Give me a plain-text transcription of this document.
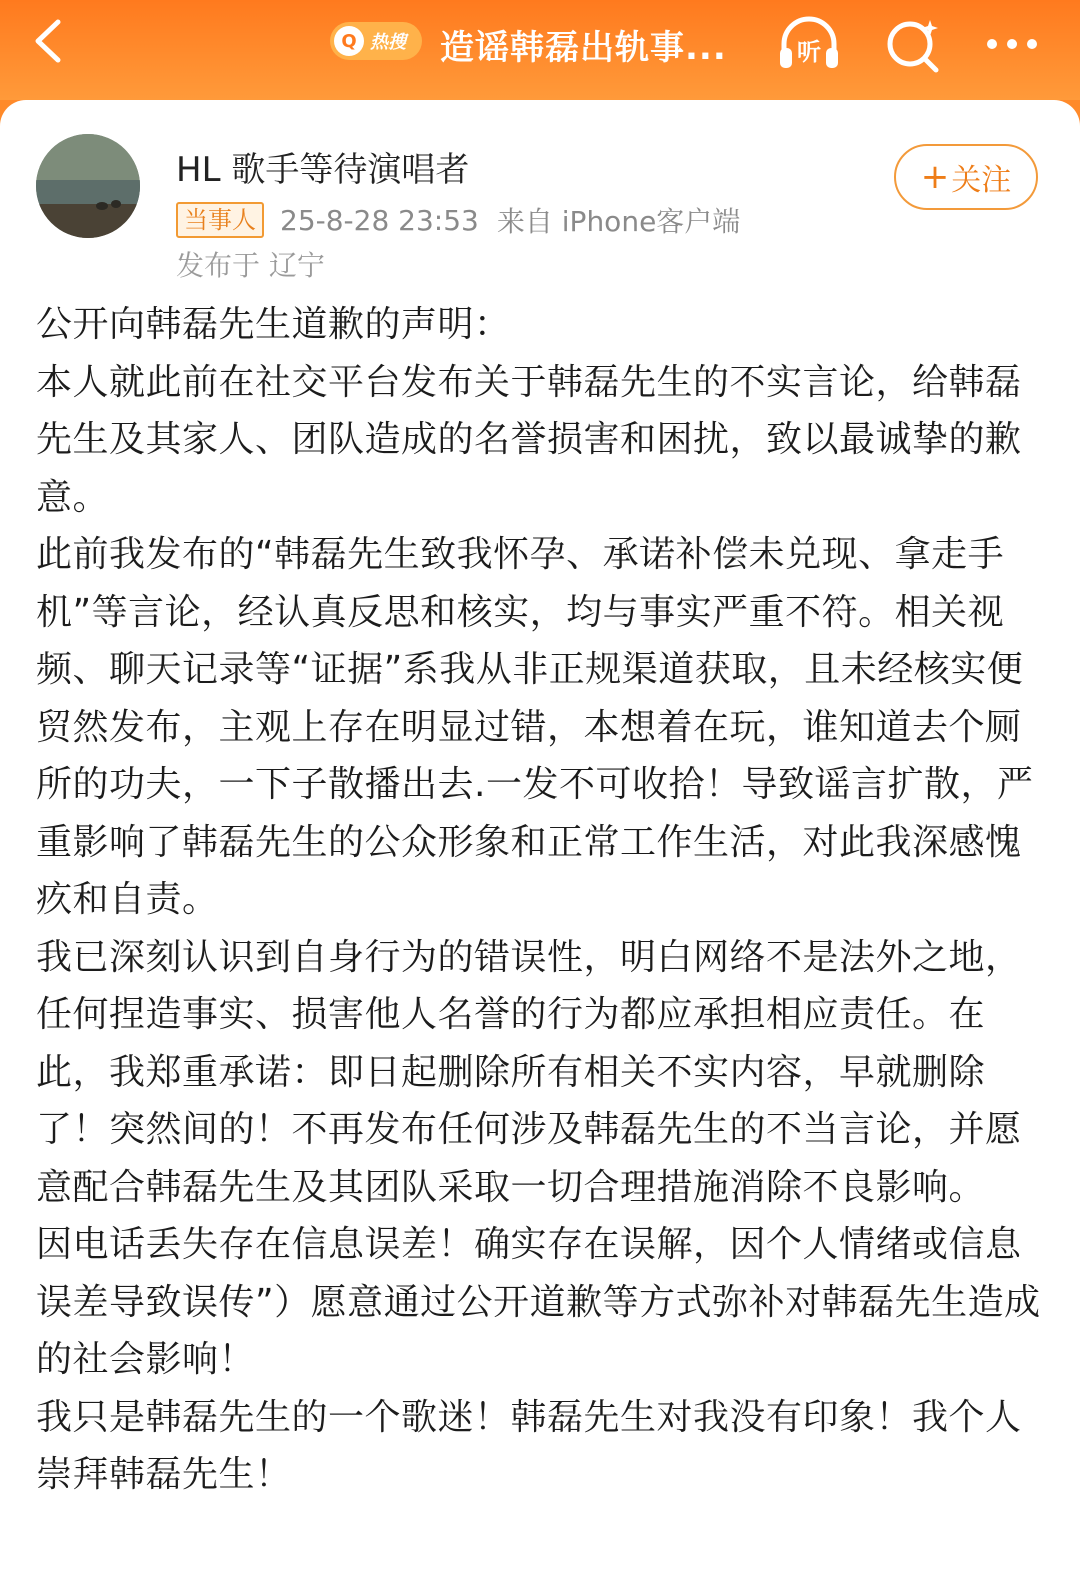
Q 热搜 造谣韩磊出轨事...	听
HL 歌手等待演唱者
当事人 25-8-28 23:53 来自 iPhone客户端
发布于 辽宁
+ 关注

公开向韩磊先生道歉的声明：

本人就此前在社交平台发布关于韩磊先生的不实言论，给韩磊先生及其家人、团队造成的名誉损害和困扰，致以最诚挚的歉意。

此前我发布的“韩磊先生致我怀孕、承诺补偿未兑现、拿走手机”等言论，经认真反思和核实，均与事实严重不符。相关视频、聊天记录等“证据”系我从非正规渠道获取，且未经核实便贸然发布，主观上存在明显过错，本想着在玩，谁知道去个厕所的功夫，一下子散播出去.一发不可收拾！导致谣言扩散，严重影响了韩磊先生的公众形象和正常工作生活，对此我深感愧疚和自责。

我已深刻认识到自身行为的错误性，明白网络不是法外之地，任何捏造事实、损害他人名誉的行为都应承担相应责任。在此，我郑重承诺：即日起删除所有相关不实内容，早就删除了！突然间的！不再发布任何涉及韩磊先生的不当言论，并愿意配合韩磊先生及其团队采取一切合理措施消除不良影响。

因电话丢失存在信息误差！确实存在误解，因个人情绪或信息误差导致误传”）愿意通过公开道歉等方式弥补对韩磊先生造成的社会影响！

我只是韩磊先生的一个歌迷！韩磊先生对我没有印象！我个人崇拜韩磊先生！
